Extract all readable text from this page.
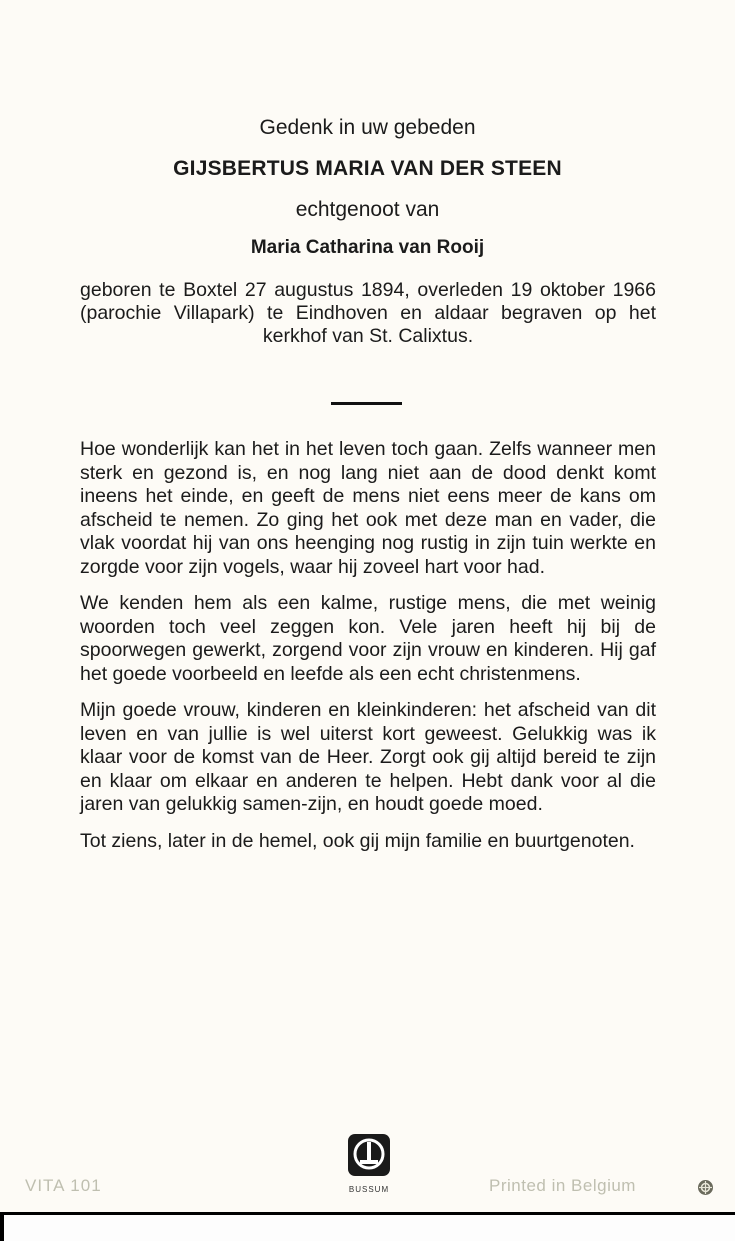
Gedenk in uw gebeden
GIJSBERTUS MARIA VAN DER STEEN
echtgenoot van
Maria Catharina van Rooij
geboren te Boxtel 27 augustus 1894, overleden 19 oktober 1966 (parochie Villapark) te Eindhoven en aldaar begraven op het kerkhof van St. Calixtus.

Hoe wonderlijk kan het in het leven toch gaan. Zelfs wanneer men sterk en gezond is, en nog lang niet aan de dood denkt komt ineens het einde, en geeft de mens niet eens meer de kans om afscheid te nemen. Zo ging het ook met deze man en vader, die vlak voordat hij van ons heenging nog rustig in zijn tuin werkte en zorgde voor zijn vogels, waar hij zoveel hart voor had.

We kenden hem als een kalme, rustige mens, die met weinig woorden toch veel zeggen kon. Vele jaren heeft hij bij de spoorwegen gewerkt, zorgend voor zijn vrouw en kinderen. Hij gaf het goede voorbeeld en leefde als een echt christenmens.

Mijn goede vrouw, kinderen en kleinkinderen: het afscheid van dit leven en van jullie is wel uiterst kort geweest. Gelukkig was ik klaar voor de komst van de Heer. Zorgt ook gij altijd bereid te zijn en klaar om elkaar en anderen te helpen. Hebt dank voor al die jaren van gelukkig samen-zijn, en houdt goede moed.

Tot ziens, later in de hemel, ook gij mijn familie en buurtgenoten.

VITA 101	BUSSUM	Printed in Belgium
